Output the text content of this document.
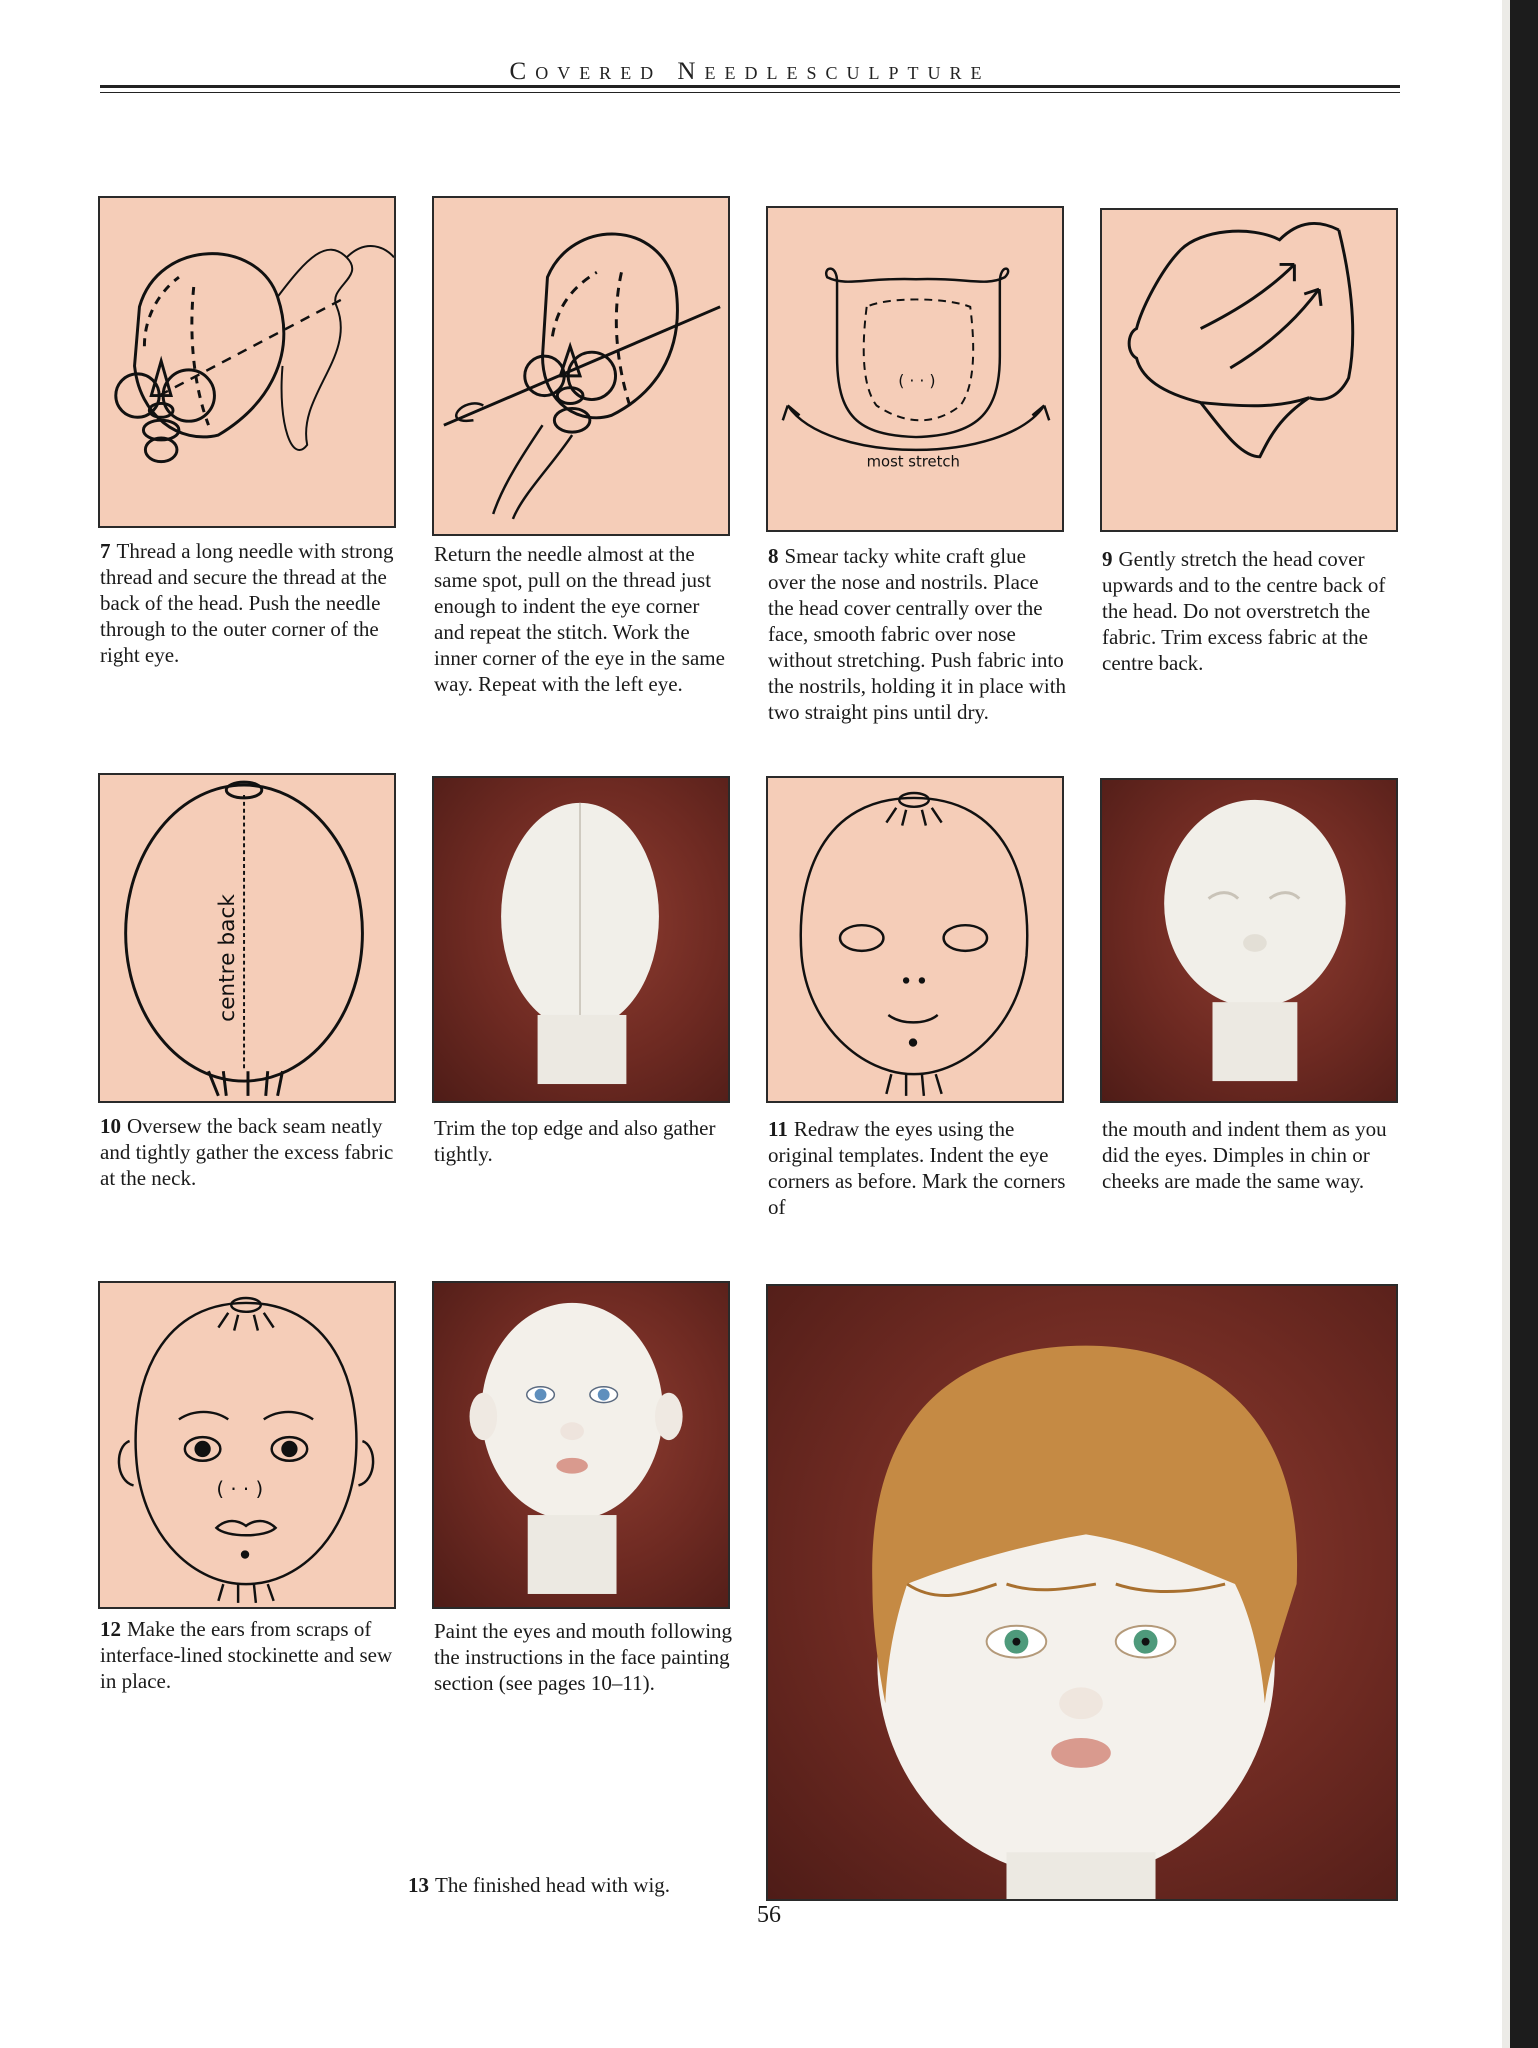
Covered Needlesculpture
( · · )
most stretch
7 Thread a long needle with strong thread and secure the thread at the back of the head. Push the needle through to the outer corner of the right eye.
Return the needle almost at the same spot, pull on the thread just enough to indent the eye corner and repeat the stitch. Work the inner corner of the eye in the same way. Repeat with the left eye.
8 Smear tacky white craft glue over the nose and nostrils. Place the head cover centrally over the face, smooth fabric over nose without stretching. Push fabric into the nostrils, holding it in place with two straight pins until dry.
9 Gently stretch the head cover upwards and to the centre back of the head. Do not overstretch the fabric. Trim excess fabric at the centre back.
centre back
10 Oversew the back seam neatly and tightly gather the excess fabric at the neck.
Trim the top edge and also gather tightly.
11 Redraw the eyes using the original templates. Indent the eye corners as before. Mark the corners of
the mouth and indent them as you did the eyes. Dimples in chin or cheeks are made the same way.
( · · )
12 Make the ears from scraps of interface-lined stockinette and sew in place.
Paint the eyes and mouth following the instructions in the face painting section (see pages 10–11).
13 The finished head with wig.
56
